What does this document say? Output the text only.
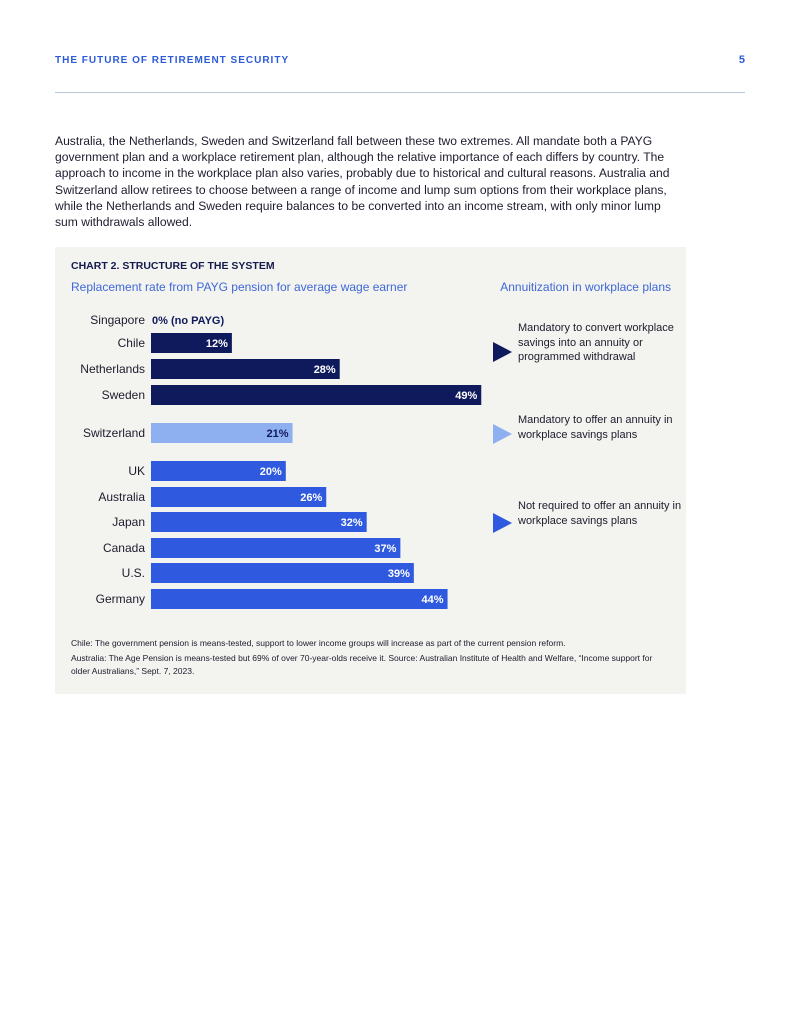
THE FUTURE OF RETIREMENT SECURITY	5
Australia, the Netherlands, Sweden and Switzerland fall between these two extremes. All mandate both a PAYG government plan and a workplace retirement plan, although the relative importance of each differs by country. The approach to income in the workplace plan also varies, probably due to historical and cultural reasons. Australia and Switzerland allow retirees to choose between a range of income and lump sum options from their workplace plans, while the Netherlands and Sweden require balances to be converted into an income stream, with only minor lump sum withdrawals allowed.
CHART 2. STRUCTURE OF THE SYSTEM
Replacement rate from PAYG pension for average wage earner	Annuitization in workplace plans
Singapore 0% (no PAYG)
Chile	12%
Netherlands	28%
Sweden	49%
Switzerland	21%
UK	20%
Australia	26%
Japan	32%
Canada	37%
U.S.	39%
Germany	44%
Mandatory to convert workplace savings into an annuity or programmed withdrawal
Mandatory to offer an annuity in workplace savings plans
Not required to offer an annuity in workplace savings plans
Chile: The government pension is means-tested, support to lower income groups will increase as part of the current pension reform.
Australia: The Age Pension is means-tested but 69% of over 70-year-olds receive it. Source: Australian Institute of Health and Welfare, “Income support for older Australians,” Sept. 7, 2023.
